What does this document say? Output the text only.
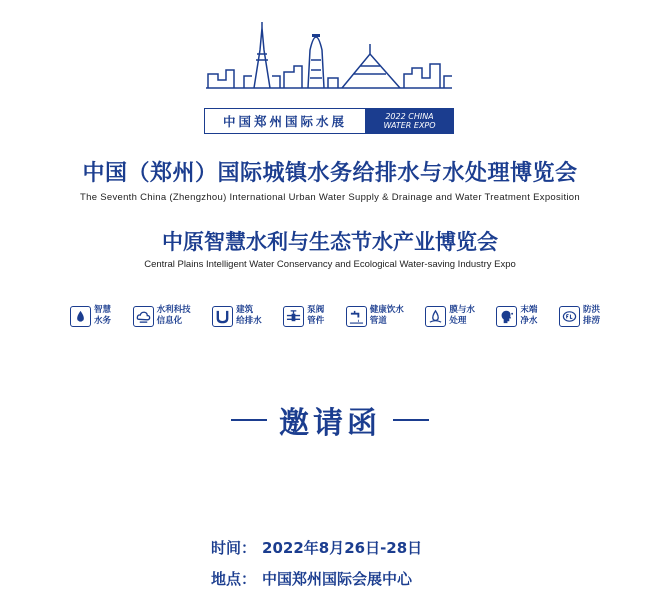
中国郑州国际水展	2022 CHINA
WATER EXPO
中国（郑州）国际城镇水务给排水与水处理博览会
The Seventh China (Zhengzhou) International Urban Water Supply & Drainage and Water Treatment Exposition
中原智慧水利与生态节水产业博览会
Central Plains Intelligent Water Conservancy and Ecological Water-saving Industry Expo
智慧
水务
水利科技
信息化
建筑
给排水
泵阀
管件
健康饮水
管道
膜与水
处理
末端
净水
防洪
排涝
邀请函
时间： 2022年8月26日-28日
地点： 中国郑州国际会展中心
